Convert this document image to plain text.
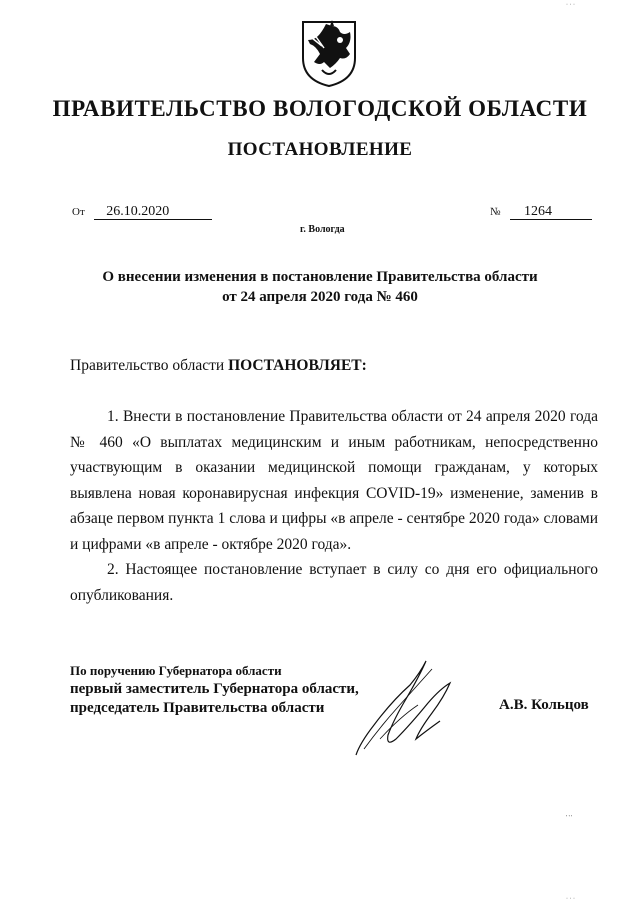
ПРАВИТЕЛЬСТВО ВОЛОГОДСКОЙ ОБЛАСТИ
ПОСТАНОВЛЕНИЕ
От 26.10.2020	№ 1264
г. Вологда
О внесении изменения в постановление Правительства области
от 24 апреля 2020 года № 460
Правительство области ПОСТАНОВЛЯЕТ:

1. Внести в постановление Правительства области от 24 апреля 2020 года № 460 «О выплатах медицинским и иным работникам, непосредственно участвующим в оказании медицинской помощи гражданам, у которых выявлена новая коронавирусная инфекция COVID-19» изменение, заменив в абзаце первом пункта 1 слова и цифры «в апреле - сентябре 2020 года» словами и цифрами «в апреле - октябре 2020 года».

2. Настоящее постановление вступает в силу со дня его официального опубликования.

По поручению Губернатора области
первый заместитель Губернатора области,
председатель Правительства области	А.В. Кольцов
· · ·
' ' '
· · ·
